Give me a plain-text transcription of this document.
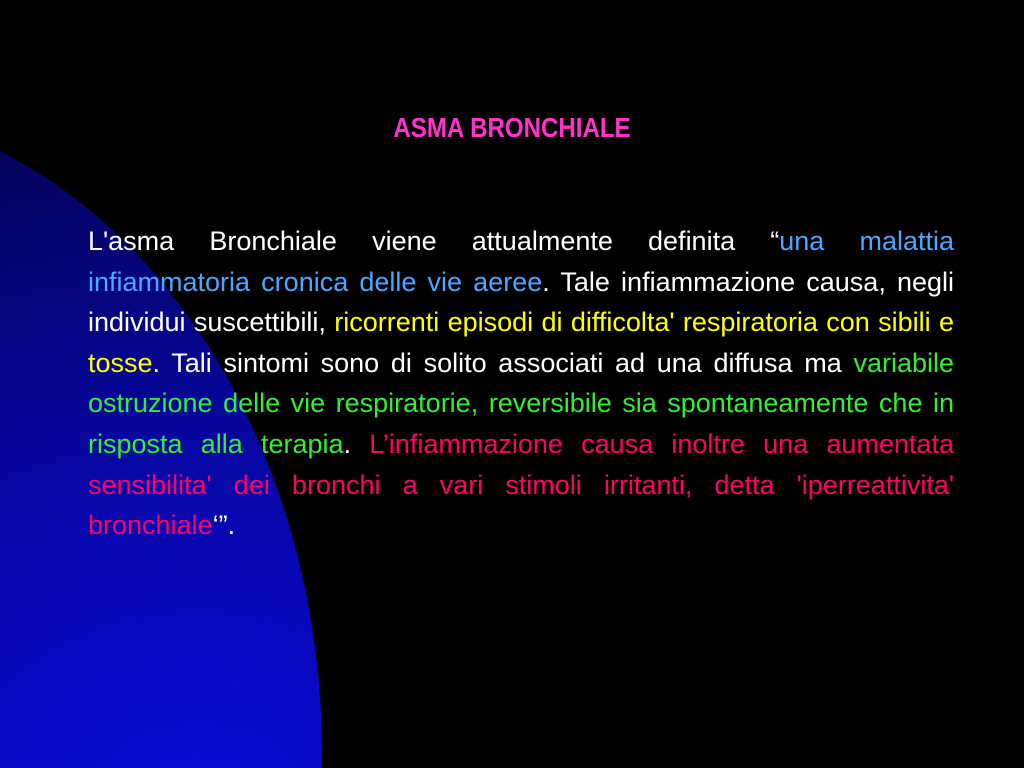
ASMA BRONCHIALE

L'asma Bronchiale viene attualmente definita “una malattia infiammatoria cronica delle vie aeree. Tale infiammazione causa, negli individui suscettibili, ricorrenti episodi di difficolta' respiratoria con sibili e tosse. Tali sintomi sono di solito associati ad una diffusa ma variabile ostruzione delle vie respiratorie, reversibile sia spontaneamente che in risposta alla terapia. L’infiammazione causa inoltre una aumentata sensibilita' dei bronchi a vari stimoli irritanti, detta 'iperreattivita' bronchiale‘”.
